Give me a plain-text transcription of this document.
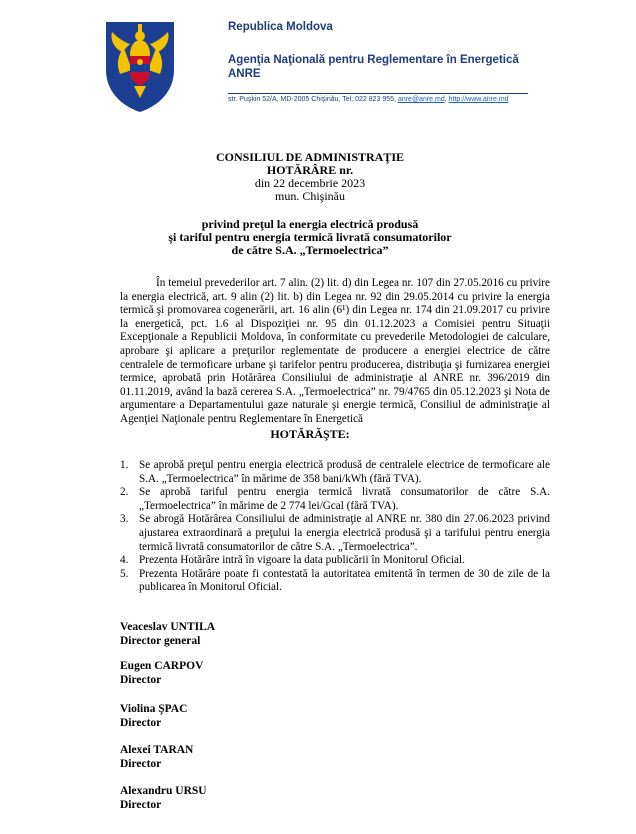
Republica Moldova
Agenţia Naţională pentru Reglementare în Energetică
ANRE
str. Puşkin 52/A, MD-2005 Chişinău, Tel: 022 823 955, anre@anre.md, http://www.anre.md
CONSILIUL DE ADMINISTRAŢIE
HOTĂRÂRE nr.
din 22 decembrie 2023
mun. Chişinău
privind preţul la energia electrică produsă
şi tariful pentru energia termică livrată consumatorilor
de către S.A. „Termoelectrica”
În temeiul prevederilor art. 7 alin. (2) lit. d) din Legea nr. 107 din 27.05.2016 cu privire la energia electrică, art. 9 alin (2) lit. b) din Legea nr. 92 din 29.05.2014 cu privire la energia termică şi promovarea cogenerării, art. 16 alin (6¹) din Legea nr. 174 din 21.09.2017 cu privire la energetică, pct. 1.6 al Dispoziţiei nr. 95 din 01.12.2023 a Comisiei pentru Situaţii Excepţionale a Republicii Moldova, în conformitate cu prevederile Metodologiei de calculare, aprobare şi aplicare a preţurilor reglementate de producere a energiei electrice de către centralele de termoficare urbane şi tarifelor pentru producerea, distribuţia şi furnizarea energiei termice, aprobată prin Hotărârea Consiliului de administraţie al ANRE nr. 396/2019 din 01.11.2019, având la bază cererea S.A. „Termoelectrica” nr. 79/4765 din 05.12.2023 şi Nota de argumentare a Departamentului gaze naturale şi energie termică, Consiliul de administraţie al Agenţiei Naţionale pentru Reglementare în Energetică
HOTĂRĂŞTE:
1. Se aprobă preţul pentru energia electrică produsă de centralele electrice de termoficare ale S.A. „Termoelectrica” în mărime de 358 bani/kWh (fără TVA).
2. Se aprobă tariful pentru energia termică livrată consumatorilor de către S.A. „Termoelectrica” în mărime de 2 774 lei/Gcal (fără TVA).
3. Se abrogă Hotărârea Consiliului de administraţie al ANRE nr. 380 din 27.06.2023 privind ajustarea extraordinară a preţului la energia electrică produsă şi a tarifului pentru energia termică livrată consumatorilor de către S.A. „Termoelectrica”.
4. Prezenta Hotărâre intră în vigoare la data publicării în Monitorul Oficial.
5. Prezenta Hotărâre poate fi contestată la autoritatea emitentă în termen de 30 de zile de la publicarea în Monitorul Oficial.
Veaceslav UNTILA
Director general
Eugen CARPOV
Director
Violina ŞPAC
Director
Alexei TARAN
Director
Alexandru URSU
Director
